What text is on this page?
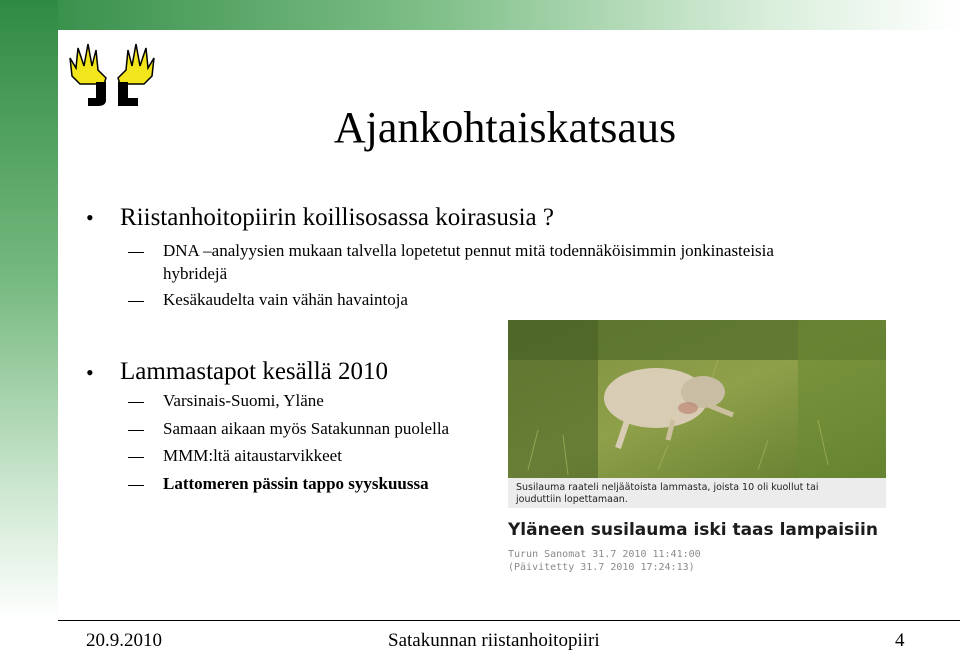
Ajankohtaiskatsaus
• Riistanhoitopiirin koillisosassa koirasusia ?
DNA –analyysien mukaan talvella lopetetut pennut mitä todennäköisimmin jonkinasteisia
hybridejä
Kesäkaudelta vain vähän havaintoja
• Lammastapot kesällä 2010
Varsinais-Suomi, Yläne
Samaan aikaan myös Satakunnan puolella
MMM:ltä aitaustarvikkeet
Lattomeren pässin tappo syyskuussa	Susilauma raateli neljäätoista lammasta, joista 10 oli kuollut tai
jouduttiin lopettamaan.
Yläneen susilauma iski taas lampaisiin
Turun Sanomat 31.7 2010 11:41:00
(Päivitetty 31.7 2010 17:24:13)
20.9.2010	Satakunnan riistanhoitopiiri	4
